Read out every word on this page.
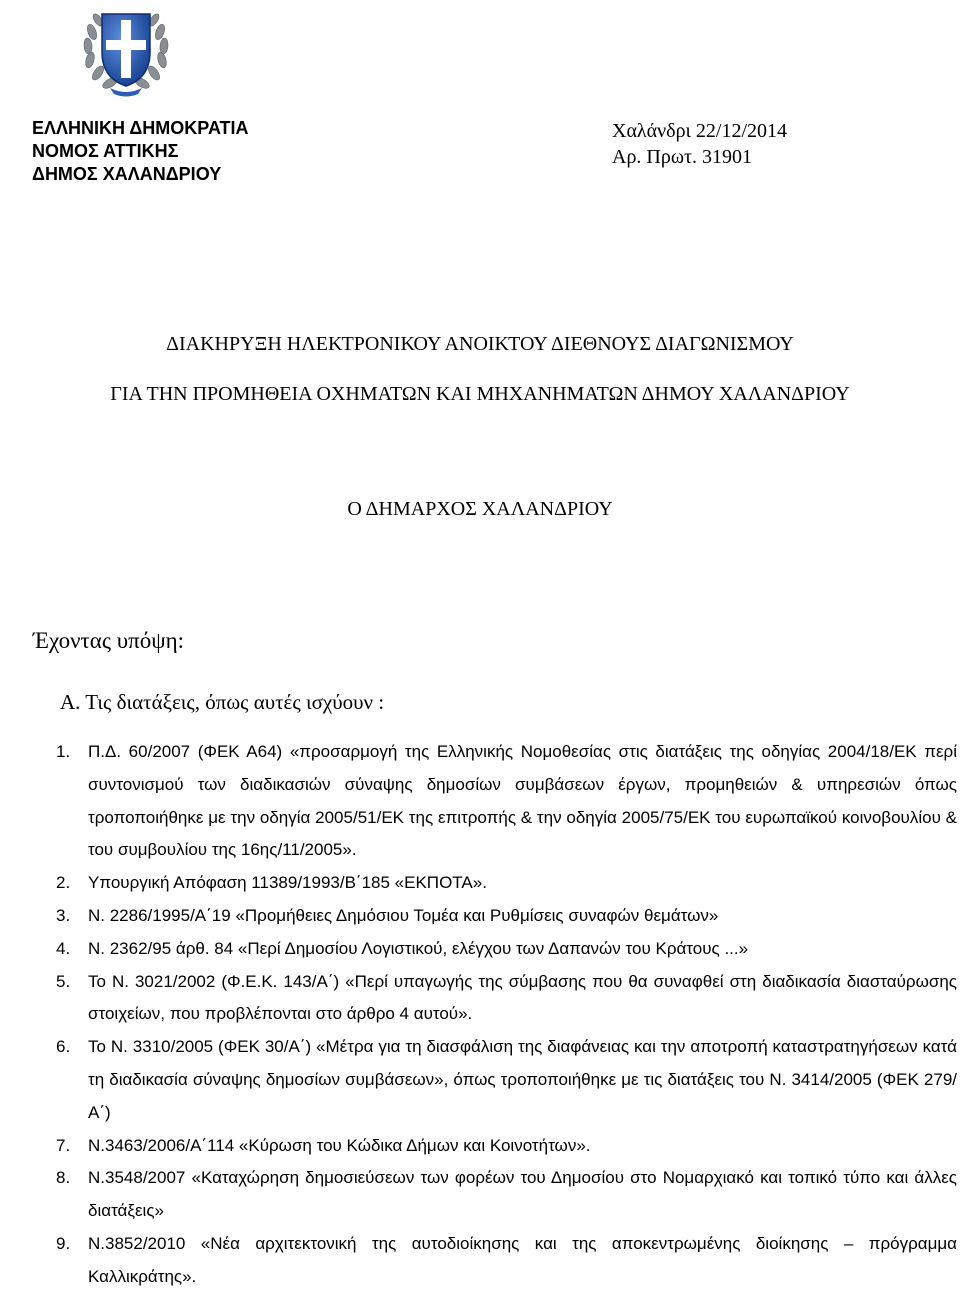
ΕΛΛΗΝΙΚΗ ΔΗΜΟΚΡΑΤΙΑ
ΝΟΜΟΣ ΑΤΤΙΚΗΣ
ΔΗΜΟΣ ΧΑΛΑΝΔΡΙΟΥ
Χαλάνδρι 22/12/2014
Αρ. Πρωτ. 31901
ΔΙΑΚΗΡΥΞΗ ΗΛΕΚΤΡΟΝΙΚΟΥ ΑΝΟΙΚΤΟΥ ΔΙΕΘΝΟΥΣ ΔΙΑΓΩΝΙΣΜΟΥ
ΓΙΑ ΤΗΝ ΠΡΟΜΗΘΕΙΑ ΟΧΗΜΑΤΩΝ ΚΑΙ ΜΗΧΑΝΗΜΑΤΩΝ ΔΗΜΟΥ ΧΑΛΑΝΔΡΙΟΥ
Ο ΔΗΜΑΡΧΟΣ ΧΑΛΑΝΔΡΙΟΥ
Έχοντας υπόψη:
Α. Τις διατάξεις, όπως αυτές ισχύουν :
1. Π.Δ. 60/2007 (ΦΕΚ Α64) «προσαρμογή της Ελληνικής Νομοθεσίας στις διατάξεις της οδηγίας 2004/18/ΕΚ περί συντονισμού των διαδικασιών σύναψης δημοσίων συμβάσεων έργων, προμηθειών & υπηρεσιών όπως τροποποιήθηκε με την οδηγία 2005/51/ΕΚ της επιτροπής & την οδηγία 2005/75/ΕΚ του ευρωπαϊκού κοινοβουλίου & του συμβουλίου της 16ης/11/2005».
2. Υπουργική Απόφαση 11389/1993/Β΄185 «ΕΚΠΟΤΑ».
3. Ν. 2286/1995/Α΄19 «Προμήθειες Δημόσιου Τομέα και Ρυθμίσεις συναφών θεμάτων»
4. Ν. 2362/95 άρθ. 84 «Περί Δημοσίου Λογιστικού, ελέγχου των Δαπανών του Κράτους ...»
5. Το Ν. 3021/2002 (Φ.Ε.Κ. 143/Α΄) «Περί υπαγωγής της σύμβασης που θα συναφθεί στη διαδικασία διασταύρωσης στοιχείων, που προβλέπονται στο άρθρο 4 αυτού».
6. Το Ν. 3310/2005 (ΦΕΚ 30/Α΄) «Μέτρα για τη διασφάλιση της διαφάνειας και την αποτροπή καταστρατηγήσεων κατά τη διαδικασία σύναψης δημοσίων συμβάσεων», όπως τροποποιήθηκε με τις διατάξεις του Ν. 3414/2005 (ΦΕΚ 279/Α΄)
7. Ν.3463/2006/Α΄114 «Κύρωση του Κώδικα Δήμων και Κοινοτήτων».
8. Ν.3548/2007 «Καταχώρηση δημοσιεύσεων των φορέων του Δημοσίου στο Νομαρχιακό και τοπικό τύπο και άλλες διατάξεις»
9. Ν.3852/2010 «Νέα αρχιτεκτονική της αυτοδιοίκησης και της αποκεντρωμένης διοίκησης – πρόγραμμα Καλλικράτης».
